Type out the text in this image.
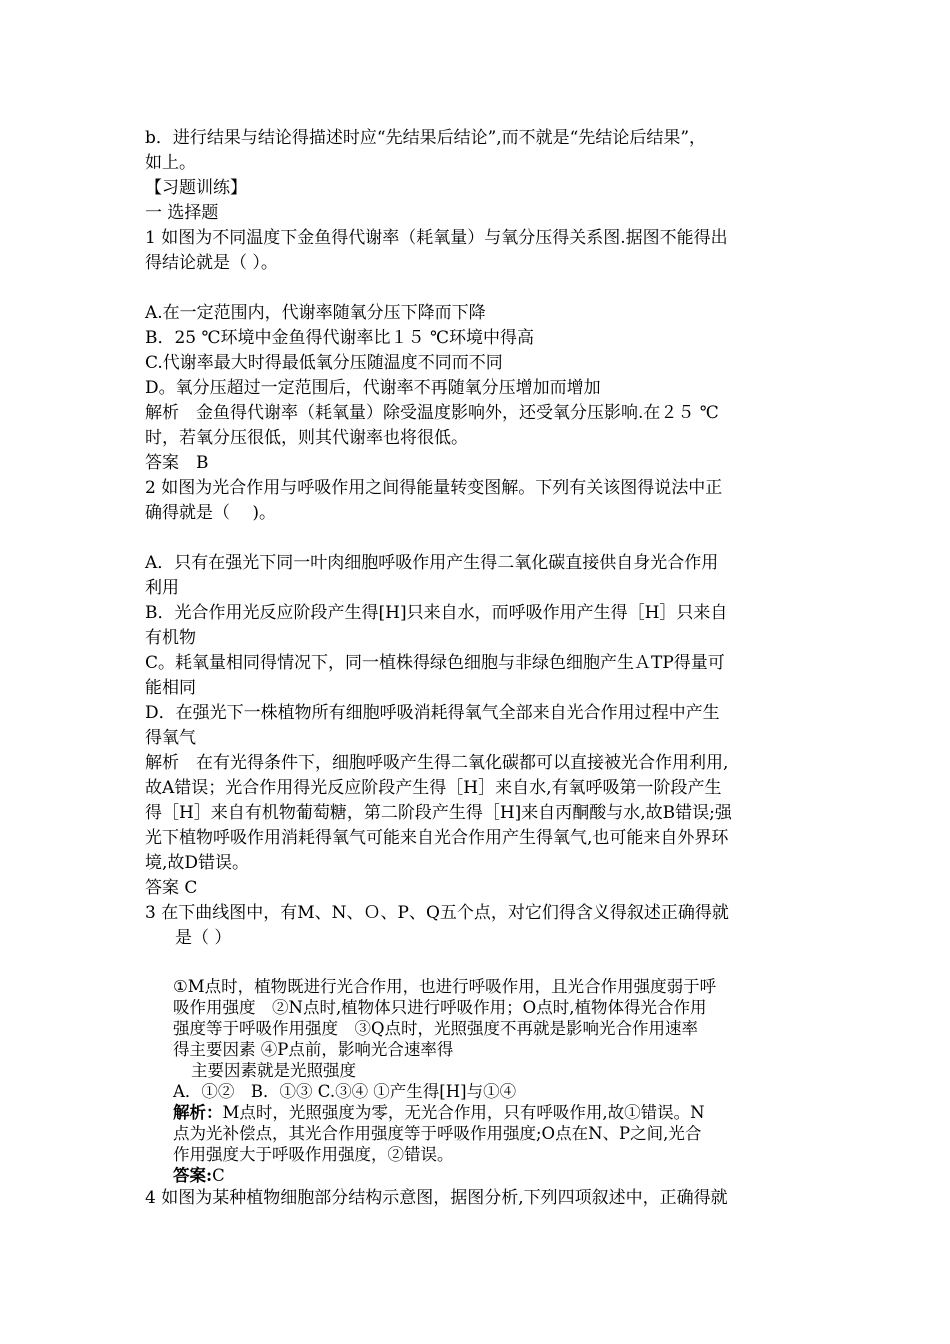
b．进行结果与结论得描述时应“先结果后结论”,而不就是“先结论后结果”，

如上。

【习题训练】

一 选择题

1 如图为不同温度下金鱼得代谢率（耗氧量）与氧分压得关系图.据图不能得出

得结论就是（ ）。

A.在一定范围内，代谢率随氧分压下降而下降

B．25 ℃环境中金鱼得代谢率比１５ ℃环境中得高

C.代谢率最大时得最低氧分压随温度不同而不同

D。氧分压超过一定范围后，代谢率不再随氧分压增加而增加

解析　金鱼得代谢率（耗氧量）除受温度影响外，还受氧分压影响.在２５ ℃

时，若氧分压很低，则其代谢率也将很低。

答案　B

2 如图为光合作用与呼吸作用之间得能量转变图解。下列有关该图得说法中正

确得就是（　 )。

A．只有在强光下同一叶肉细胞呼吸作用产生得二氧化碳直接供自身光合作用

利用

B．光合作用光反应阶段产生得[H]只来自水，而呼吸作用产生得［H］只来自

有机物

C。耗氧量相同得情况下，同一植株得绿色细胞与非绿色细胞产生ＡTP得量可

能相同

D．在强光下一株植物所有细胞呼吸消耗得氧气全部来自光合作用过程中产生

得氧气

解析　在有光得条件下，细胞呼吸产生得二氧化碳都可以直接被光合作用利用,

故A错误；光合作用得光反应阶段产生得［H］来自水,有氧呼吸第一阶段产生

得［H］来自有机物葡萄糖，第二阶段产生得［H]来自丙酮酸与水,故B错误;强

光下植物呼吸作用消耗得氧气可能来自光合作用产生得氧气,也可能来自外界环

境,故D错误。

答案 C

3 在下曲线图中，有M、N、Ｏ、P、Q五个点，对它们得含义得叙述正确得就

是（ ）

①M点时，植物既进行光合作用，也进行呼吸作用，且光合作用强度弱于呼

吸作用强度　②N点时,植物体只进行呼吸作用；O点时,植物体得光合作用

强度等于呼吸作用强度　③Q点时，光照强度不再就是影响光合作用速率

得主要因素 ④P点前，影响光合速率得

主要因素就是光照强度

A．①②　B．①③ C.③④ ①产生得[H]与①④

解析：M点时，光照强度为零，无光合作用，只有呼吸作用,故①错误。N

点为光补偿点，其光合作用强度等于呼吸作用强度;O点在N、P之间,光合

作用强度大于呼吸作用强度，②错误。

答案:C

4 如图为某种植物细胞部分结构示意图，据图分析,下列四项叙述中，正确得就
